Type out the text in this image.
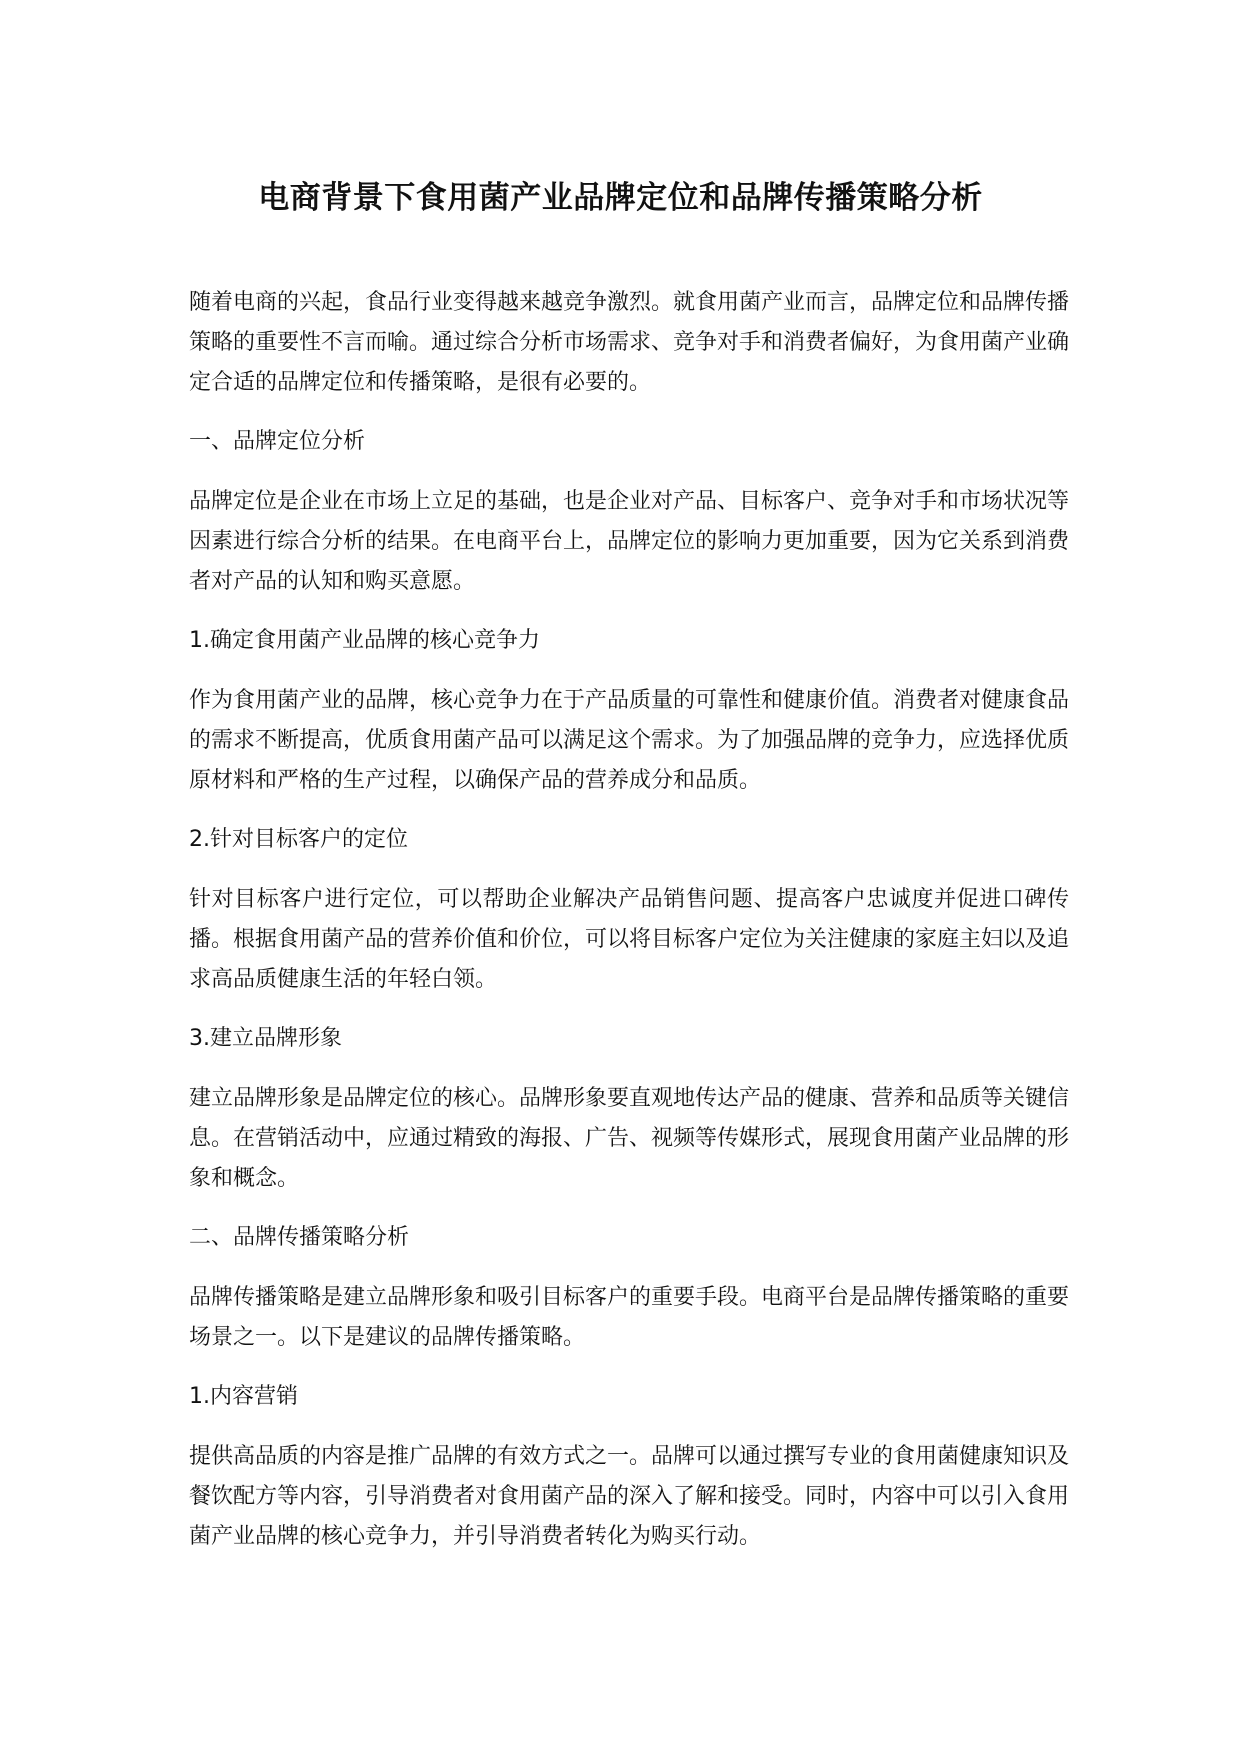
电商背景下食用菌产业品牌定位和品牌传播策略分析

随着电商的兴起，食品行业变得越来越竞争激烈。就食用菌产业而言，品牌定位和品牌传播策略的重要性不言而喻。通过综合分析市场需求、竞争对手和消费者偏好，为食用菌产业确定合适的品牌定位和传播策略，是很有必要的。

一、品牌定位分析

品牌定位是企业在市场上立足的基础，也是企业对产品、目标客户、竞争对手和市场状况等因素进行综合分析的结果。在电商平台上，品牌定位的影响力更加重要，因为它关系到消费者对产品的认知和购买意愿。

1.确定食用菌产业品牌的核心竞争力

作为食用菌产业的品牌，核心竞争力在于产品质量的可靠性和健康价值。消费者对健康食品的需求不断提高，优质食用菌产品可以满足这个需求。为了加强品牌的竞争力，应选择优质原材料和严格的生产过程，以确保产品的营养成分和品质。

2.针对目标客户的定位

针对目标客户进行定位，可以帮助企业解决产品销售问题、提高客户忠诚度并促进口碑传播。根据食用菌产品的营养价值和价位，可以将目标客户定位为关注健康的家庭主妇以及追求高品质健康生活的年轻白领。

3.建立品牌形象

建立品牌形象是品牌定位的核心。品牌形象要直观地传达产品的健康、营养和品质等关键信息。在营销活动中，应通过精致的海报、广告、视频等传媒形式，展现食用菌产业品牌的形象和概念。

二、品牌传播策略分析

品牌传播策略是建立品牌形象和吸引目标客户的重要手段。电商平台是品牌传播策略的重要场景之一。以下是建议的品牌传播策略。

1.内容营销

提供高品质的内容是推广品牌的有效方式之一。品牌可以通过撰写专业的食用菌健康知识及餐饮配方等内容，引导消费者对食用菌产品的深入了解和接受。同时，内容中可以引入食用菌产业品牌的核心竞争力，并引导消费者转化为购买行动。
